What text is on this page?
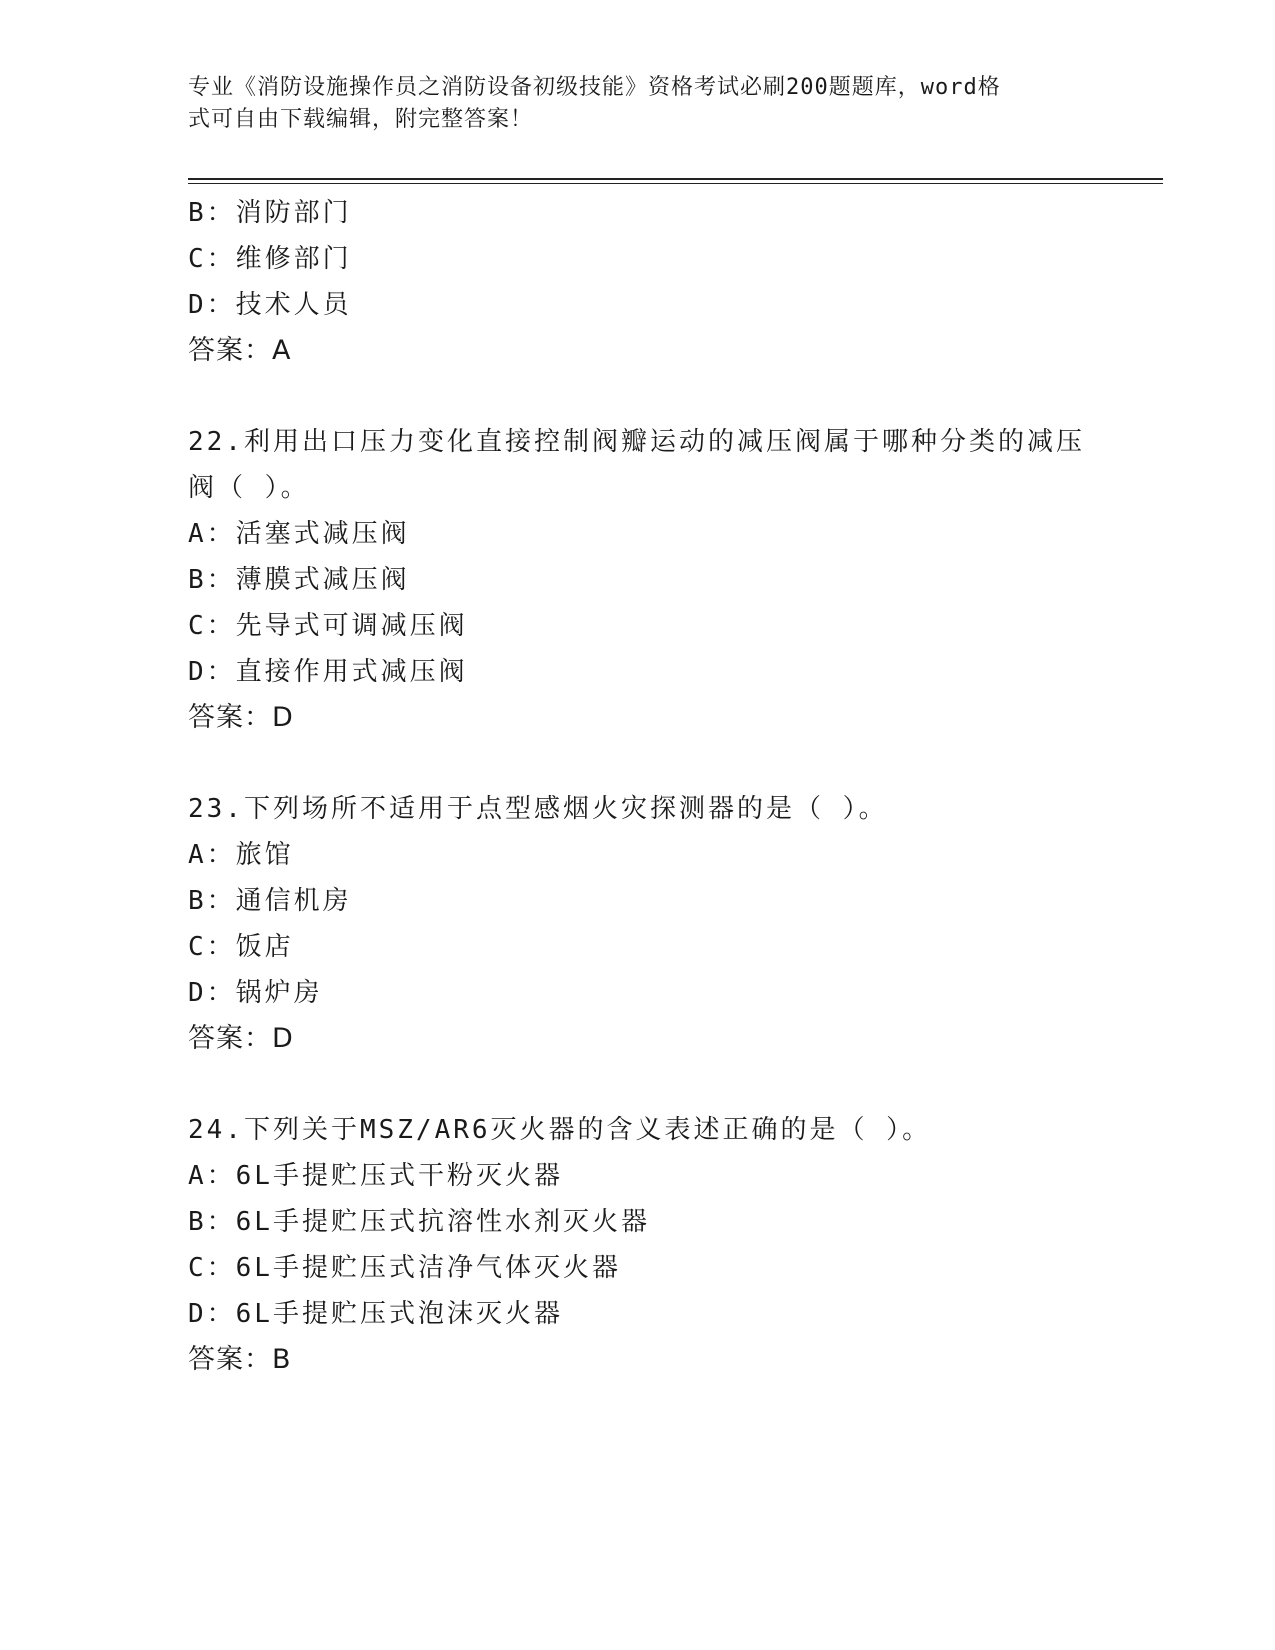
专业《消防设施操作员之消防设备初级技能》资格考试必刷200题题库，word格
式可自由下载编辑，附完整答案！
B：消防部门
C：维修部门
D：技术人员
答案：A
22.利用出口压力变化直接控制阀瓣运动的减压阀属于哪种分类的减压
阀（ ）。
A：活塞式减压阀
B：薄膜式减压阀
C：先导式可调减压阀
D：直接作用式减压阀
答案：D
23.下列场所不适用于点型感烟火灾探测器的是（ ）。
A：旅馆
B：通信机房
C：饭店
D：锅炉房
答案：D
24.下列关于MSZ/AR6灭火器的含义表述正确的是（ ）。
A：6L手提贮压式干粉灭火器
B：6L手提贮压式抗溶性水剂灭火器
C：6L手提贮压式洁净气体灭火器
D：6L手提贮压式泡沫灭火器
答案：B
